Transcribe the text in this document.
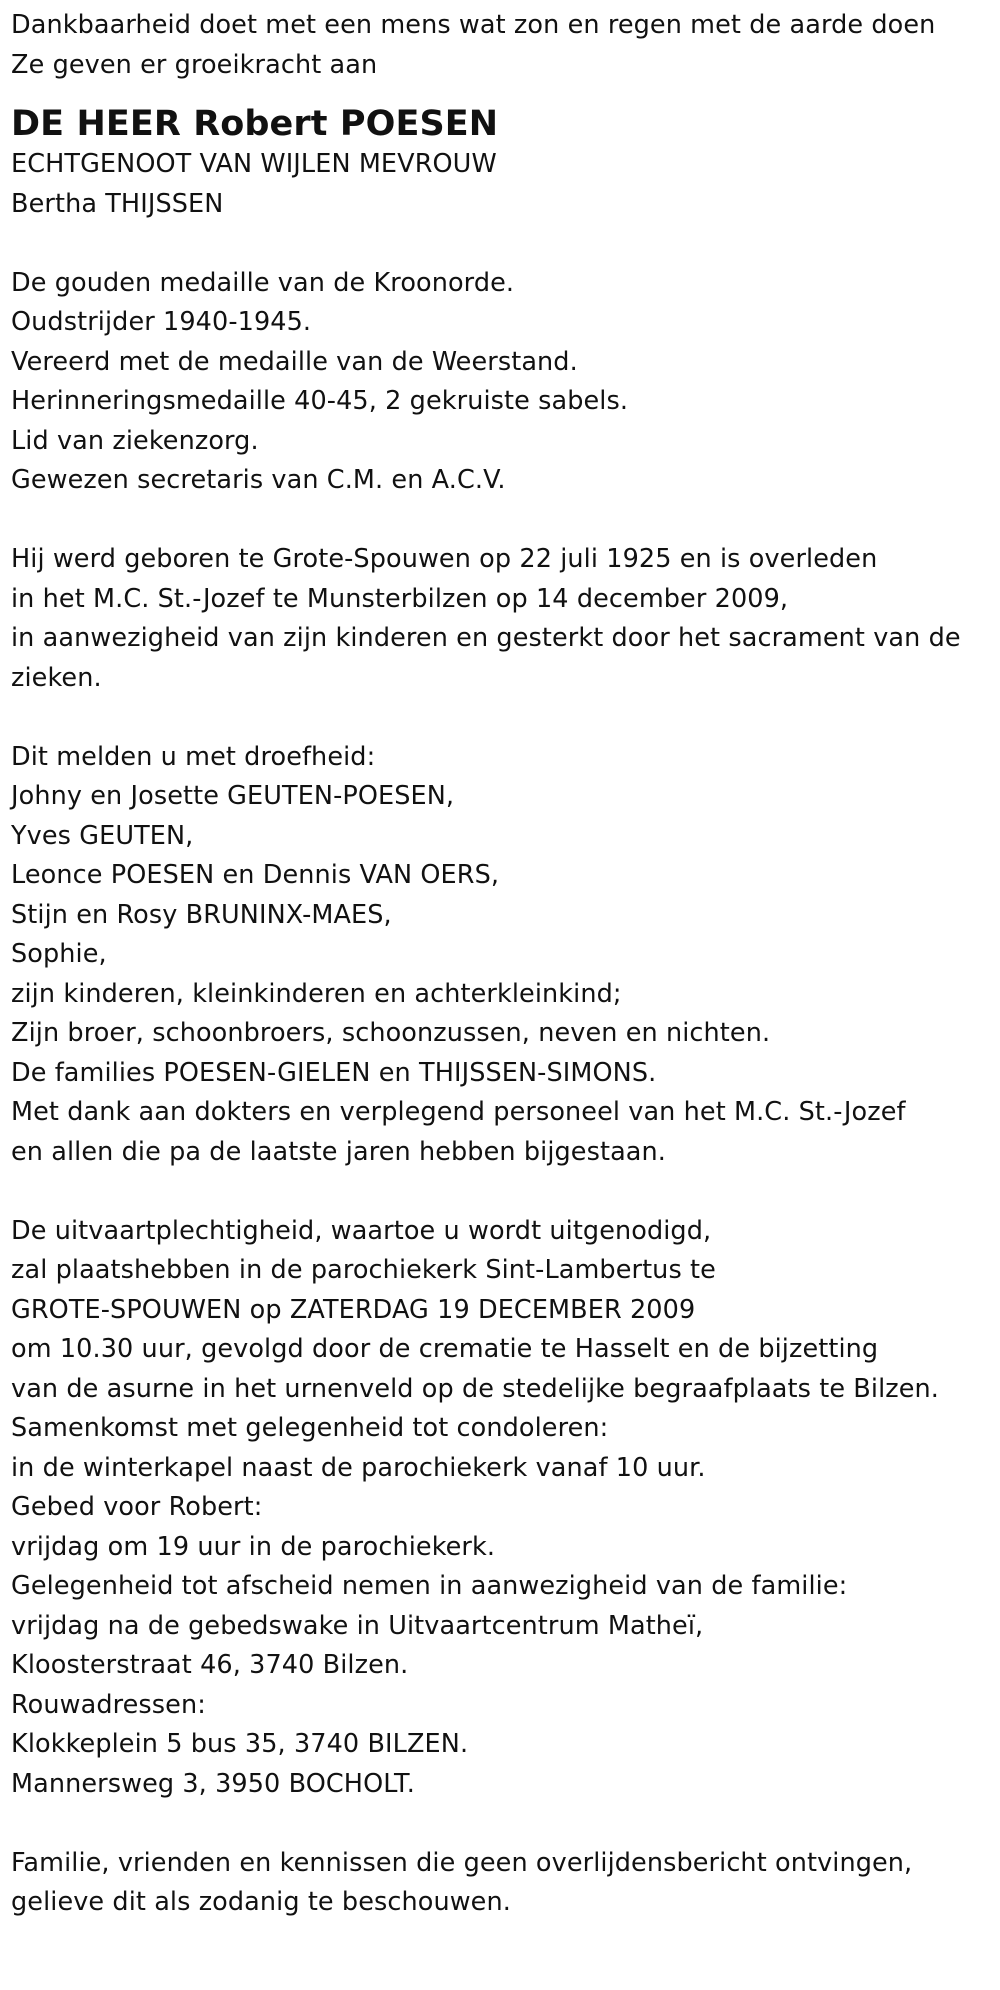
Dankbaarheid doet met een mens wat zon en regen met de aarde doen
Ze geven er groeikracht aan
DE HEER Robert POESEN
ECHTGENOOT VAN WIJLEN MEVROUW
Bertha THIJSSEN
De gouden medaille van de Kroonorde.
Oudstrijder 1940-1945.
Vereerd met de medaille van de Weerstand.
Herinneringsmedaille 40-45, 2 gekruiste sabels.
Lid van ziekenzorg.
Gewezen secretaris van C.M. en A.C.V.
Hij werd geboren te Grote-Spouwen op 22 juli 1925 en is overleden
in het M.C. St.-Jozef te Munsterbilzen op 14 december 2009,
in aanwezigheid van zijn kinderen en gesterkt door het sacrament van de zieken.
Dit melden u met droefheid:
Johny en Josette GEUTEN-POESEN,
Yves GEUTEN,
Leonce POESEN en Dennis VAN OERS,
Stijn en Rosy BRUNINX-MAES,
Sophie,
zijn kinderen, kleinkinderen en achterkleinkind;
Zijn broer, schoonbroers, schoonzussen, neven en nichten.
De families POESEN-GIELEN en THIJSSEN-SIMONS.
Met dank aan dokters en verplegend personeel van het M.C. St.-Jozef
en allen die pa de laatste jaren hebben bijgestaan.
De uitvaartplechtigheid, waartoe u wordt uitgenodigd,
zal plaatshebben in de parochiekerk Sint-Lambertus te
GROTE-SPOUWEN op ZATERDAG 19 DECEMBER 2009
om 10.30 uur, gevolgd door de crematie te Hasselt en de bijzetting
van de asurne in het urnenveld op de stedelijke begraafplaats te Bilzen.
Samenkomst met gelegenheid tot condoleren:
in de winterkapel naast de parochiekerk vanaf 10 uur.
Gebed voor Robert:
vrijdag om 19 uur in de parochiekerk.
Gelegenheid tot afscheid nemen in aanwezigheid van de familie:
vrijdag na de gebedswake in Uitvaartcentrum Matheï,
Kloosterstraat 46, 3740 Bilzen.
Rouwadressen:
Klokkeplein 5 bus 35, 3740 BILZEN.
Mannersweg 3, 3950 BOCHOLT.
Familie, vrienden en kennissen die geen overlijdensbericht ontvingen,
gelieve dit als zodanig te beschouwen.
